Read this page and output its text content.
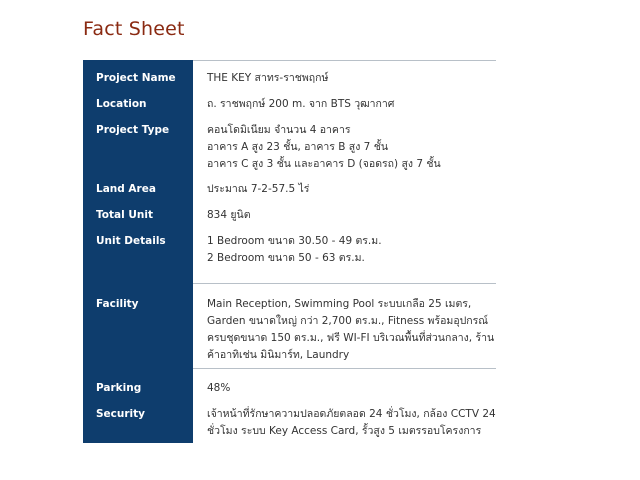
Fact Sheet
Project Name	THE KEY สาทร-ราชพฤกษ์
Location	ถ. ราชพฤกษ์ 200 m. จาก BTS วุฒากาศ
Project Type	คอนโดมิเนียม จำนวน 4 อาคาร
อาคาร A สูง 23 ชั้น, อาคาร B สูง 7 ชั้น
อาคาร C สูง 3 ชั้น และอาคาร D (จอดรถ) สูง 7 ชั้น
Land Area	ประมาณ 7-2-57.5 ไร่
Total Unit	834 ยูนิต
Unit Details	1 Bedroom ขนาด 30.50 - 49 ตร.ม.
2 Bedroom ขนาด 50 - 63 ตร.ม.
Facility	Main Reception, Swimming Pool ระบบเกลือ 25 เมตร,
Garden ขนาดใหญ่ กว่า 2,700 ตร.ม., Fitness พร้อมอุปกรณ์
ครบชุดขนาด 150 ตร.ม., ฟรี WI-FI บริเวณพื้นที่ส่วนกลาง, ร้าน
ค้าอาทิเช่น มินิมาร์ท, Laundry
Parking	48%
Security	เจ้าหน้าที่รักษาความปลอดภัยตลอด 24 ชั่วโมง, กล้อง CCTV 24
ชั่วโมง ระบบ Key Access Card, รั้วสูง 5 เมตรรอบโครงการ
